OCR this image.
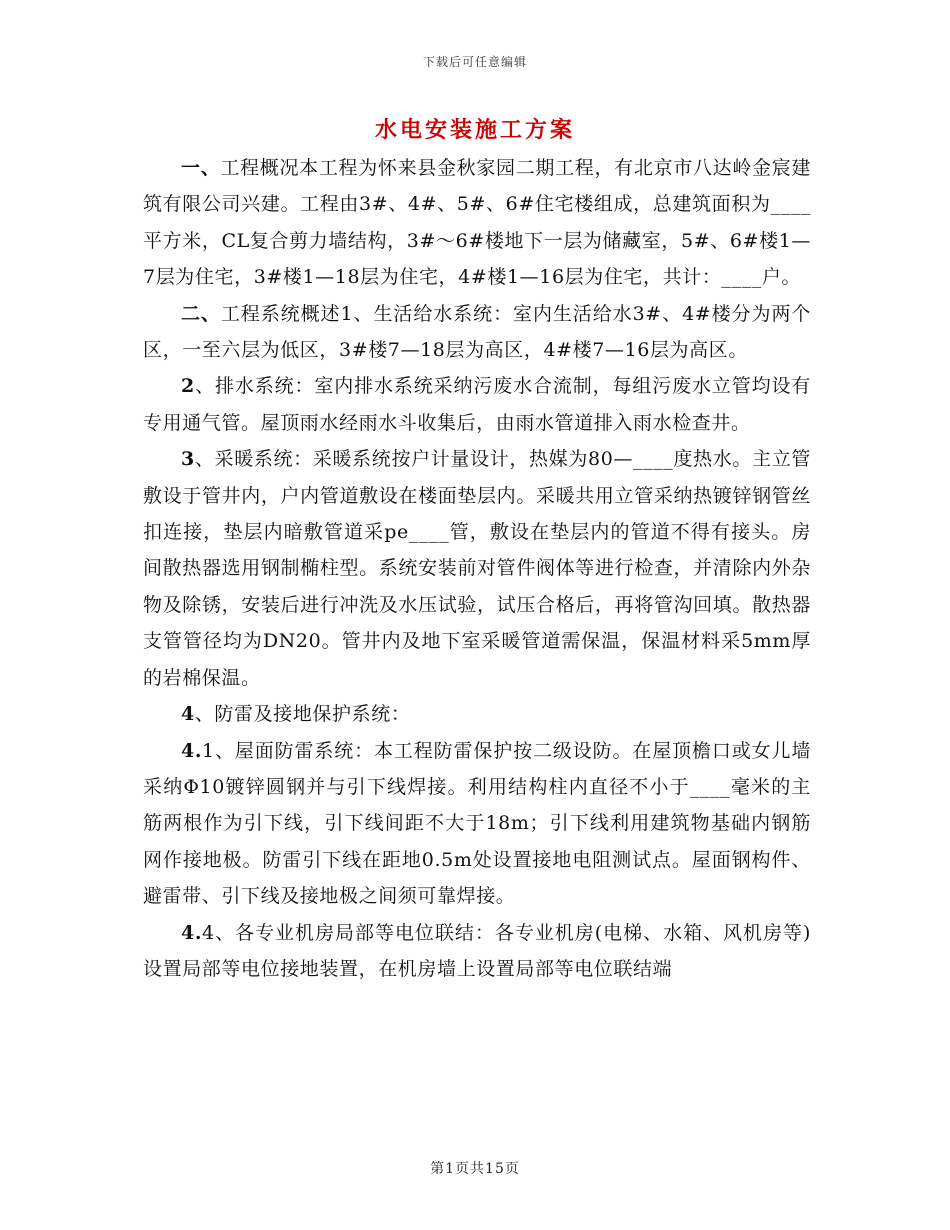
下载后可任意编辑
水电安装施工方案

一、工程概况本工程为怀来县金秋家园二期工程，有北京市八达岭金宸建筑有限公司兴建。工程由3#、4#、5#、6#住宅楼组成，总建筑面积为____平方米，CL复合剪力墙结构，3#～6#楼地下一层为储藏室，5#、6#楼1—7层为住宅，3#楼1—18层为住宅，4#楼1—16层为住宅，共计：____户。

二、工程系统概述1、生活给水系统：室内生活给水3#、4#楼分为两个区，一至六层为低区，3#楼7—18层为高区，4#楼7—16层为高区。

2、排水系统：室内排水系统采纳污废水合流制，每组污废水立管均设有专用通气管。屋顶雨水经雨水斗收集后，由雨水管道排入雨水检查井。

3、采暖系统：采暖系统按户计量设计，热媒为80—____度热水。主立管敷设于管井内，户内管道敷设在楼面垫层内。采暖共用立管采纳热镀锌钢管丝扣连接，垫层内暗敷管道采pe____管，敷设在垫层内的管道不得有接头。房间散热器选用钢制椭柱型。系统安装前对管件阀体等进行检查，并清除内外杂物及除锈，安装后进行冲洗及水压试验，试压合格后，再将管沟回填。散热器支管管径均为DN20。管井内及地下室采暖管道需保温，保温材料采5mm厚的岩棉保温。

4、防雷及接地保护系统：

4.1、屋面防雷系统：本工程防雷保护按二级设防。在屋顶檐口或女儿墙采纳Φ10镀锌圆钢并与引下线焊接。利用结构柱内直径不小于____毫米的主筋两根作为引下线，引下线间距不大于18m；引下线利用建筑物基础内钢筋网作接地极。防雷引下线在距地0.5m处设置接地电阻测试点。屋面钢构件、避雷带、引下线及接地极之间须可靠焊接。

4.4、各专业机房局部等电位联结：各专业机房(电梯、水箱、风机房等)设置局部等电位接地装置，在机房墙上设置局部等电位联结端

第1页共15页
